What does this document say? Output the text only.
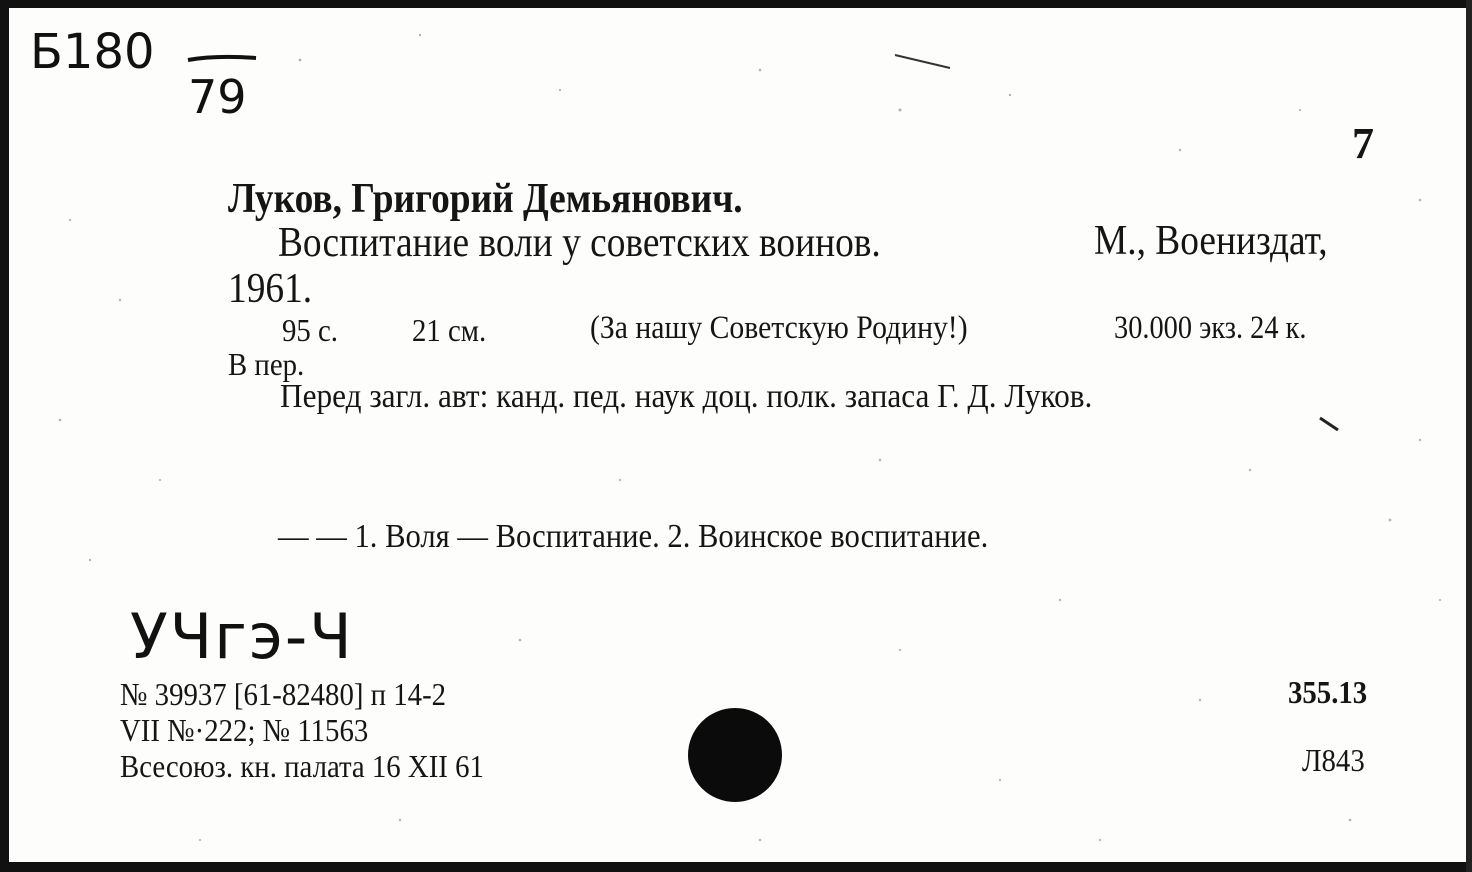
Б180
79
7
Луков, Григорий Демьянович.
Воспитание воли у советских воинов.	М., Воениздат,
1961.
95 с. 21 см.	(За нашу Советскую Родину!)	30.000 экз. 24 к.
В пер.
Перед загл. авт: канд. пед. наук доц. полк. запаса Г. Д. Луков.
— — 1. Воля — Воспитание. 2. Воинское воспитание.
УЧгэ-Ч
№ 39937 [61-82480] п 14-2
VII №·222; № 11563
Всесоюз. кн. палата 16 XII 61
355.13
Л843
